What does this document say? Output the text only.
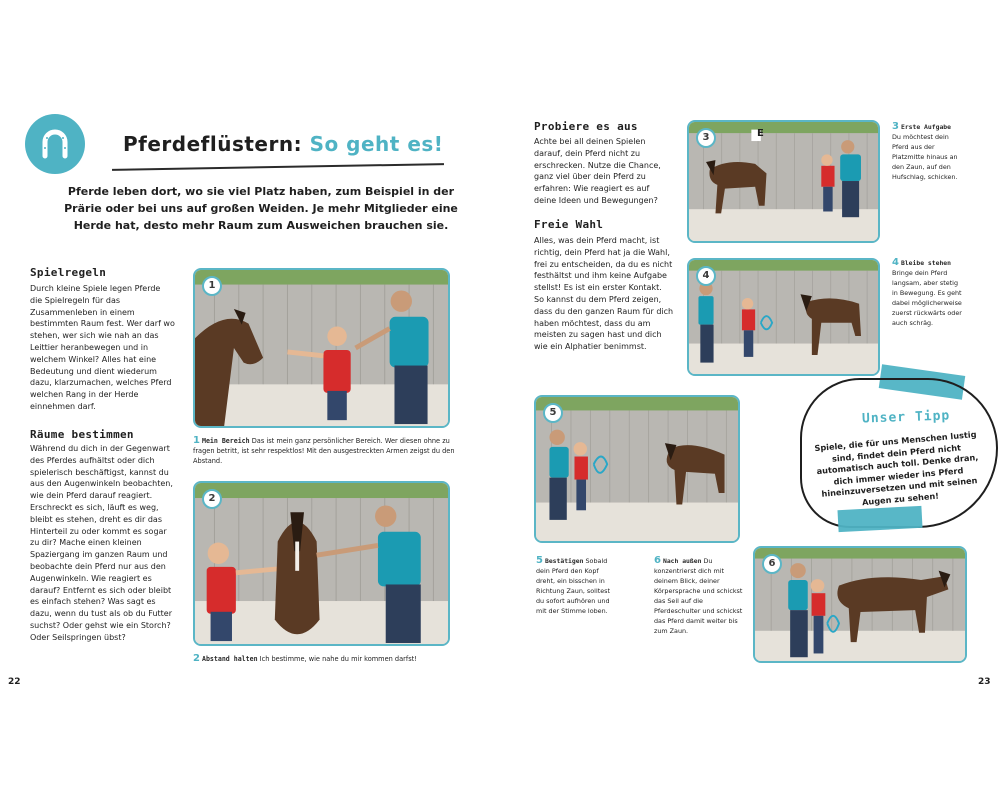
Pferdeflüstern: So geht es!
Pferde leben dort, wo sie viel Platz haben, zum Beispiel in der Prärie oder bei uns auf großen Weiden. Je mehr Mitglieder eine Herde hat, desto mehr Raum zum Ausweichen brauchen sie.
Spielregeln
Durch kleine Spiele legen Pferde die Spielregeln für das Zusammenleben in einem bestimmten Raum fest. Wer darf wo stehen, wer sich wie nah an das Leittier heranbewegen und in welchem Winkel? Alles hat eine Bedeutung und dient wiederum dazu, klarzumachen, welches Pferd welchen Rang in der Herde einnehmen darf.
Räume bestimmen
Während du dich in der Gegenwart des Pferdes aufhältst oder dich spielerisch beschäftigst, kannst du aus den Augenwinkeln beobachten, wie dein Pferd darauf reagiert. Erschreckt es sich, läuft es weg, bleibt es stehen, dreht es dir das Hinterteil zu oder kommt es sogar zu dir? Mache einen kleinen Spaziergang im ganzen Raum und beobachte dein Pferd nur aus den Augenwinkeln. Wie reagiert es darauf? Entfernt es sich oder bleibt es einfach stehen? Was sagt es dazu, wenn du tust als ob du Futter suchst? Oder gehst wie ein Storch? Oder Seilspringen übst?
1
1 Mein Bereich Das ist mein ganz persönlicher Bereich. Wer diesen ohne zu fragen betritt, ist sehr respektlos! Mit den ausgestreckten Armen zeigst du den Abstand.
2
2 Abstand halten Ich bestimme, wie nahe du mir kommen darfst!
22
Probiere es aus
Achte bei all deinen Spielen darauf, dein Pferd nicht zu erschrecken. Nutze die Chance, ganz viel über dein Pferd zu erfahren: Wie reagiert es auf deine Ideen und Bewegungen?
Freie Wahl
Alles, was dein Pferd macht, ist richtig, dein Pferd hat ja die Wahl, frei zu entscheiden, da du es nicht festhältst und ihm keine Aufgabe stellst! Es ist ein erster Kontakt. So kannst du dem Pferd zeigen, dass du den ganzen Raum für dich haben möchtest, dass du am meisten zu sagen hast und dich wie ein Alphatier benimmst.
3	E
3 Erste Aufgabe
Du möchtest dein Pferd aus der Platzmitte hinaus an den Zaun, auf den Hufschlag, schicken.
4
4 Bleibe stehen
Bringe dein Pferd langsam, aber stetig in Bewegung. Es geht dabei möglicherweise zuerst rückwärts oder auch schräg.
5
5 Bestätigen Sobald dein Pferd den Kopf dreht, ein bisschen in Richtung Zaun, solltest du sofort aufhören und mit der Stimme loben.
6 Nach außen Du konzentrierst dich mit deinem Blick, deiner Körpersprache und schickst das Seil auf die Pferdeschulter und schickst das Pferd damit weiter bis zum Zaun.
6
Unser Tipp
Spiele, die für uns Menschen lustig sind, findet dein Pferd nicht automatisch auch toll. Denke dran, dich immer wieder ins Pferd hineinzuversetzen und mit seinen Augen zu sehen!
23
